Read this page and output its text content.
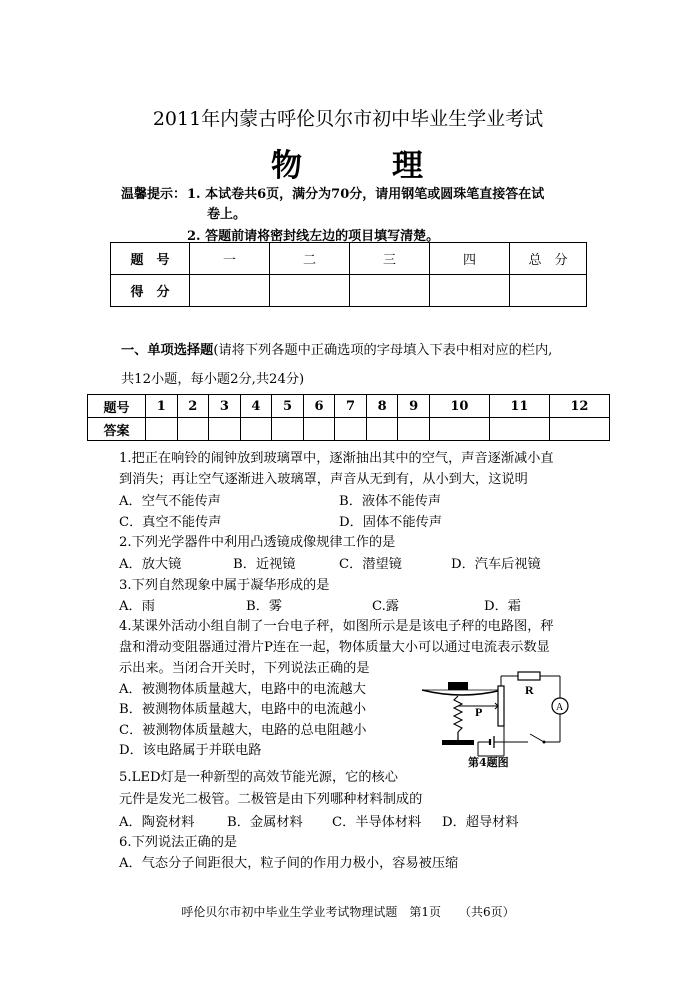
2011年内蒙古呼伦贝尔市初中毕业生学业考试
物	理
温馨提示： 1. 本试卷共6页，满分为70分，请用钢笔或圆珠笔直接答在试
卷上。
2. 答题前请将密封线左边的项目填写清楚。
题　号	一	二	三	四	总　分
得　分					
一、单项选择题(请将下列各题中正确选项的字母填入下表中相对应的栏内,
共12小题，每小题2分,共24分)
题号	1	2	3	4	5	6	7	8	9	10	11	12
答案												
1.把正在响铃的闹钟放到玻璃罩中，逐渐抽出其中的空气，声音逐渐减小直
到消失；再让空气逐渐进入玻璃罩，声音从无到有，从小到大，这说明
A．空气不能传声	B．液体不能传声
C．真空不能传声	D．固体不能传声
2.下列光学器件中利用凸透镜成像规律工作的是
A．放大镜	B．近视镜	C．潜望镜	D．汽车后视镜
3.下列自然现象中属于凝华形成的是
A．雨	B．雾	C.露	D．霜
4.某课外活动小组自制了一台电子秤，如图所示是是该电子秤的电路图，秤
盘和滑动变阻器通过滑片P连在一起，物体质量大小可以通过电流表示数显
示出来。当闭合开关时，下列说法正确的是
A．被测物体质量越大，电路中的电流越大
B．被测物体质量越大，电路中的电流越小
C．被测物体质量越大，电路的总电阻越小
D．该电路属于并联电路
P
R
A
第4题图
5.LED灯是一种新型的高效节能光源，它的核心
元件是发光二极管。二极管是由下列哪种材料制成的
A．陶瓷材料 B．金属材料 C．半导体材料 D．超导材料
6.下列说法正确的是
A．气态分子间距很大，粒子间的作用力极小，容易被压缩
呼伦贝尔市初中毕业生学业考试物理试题　第1页　　（共6页）
